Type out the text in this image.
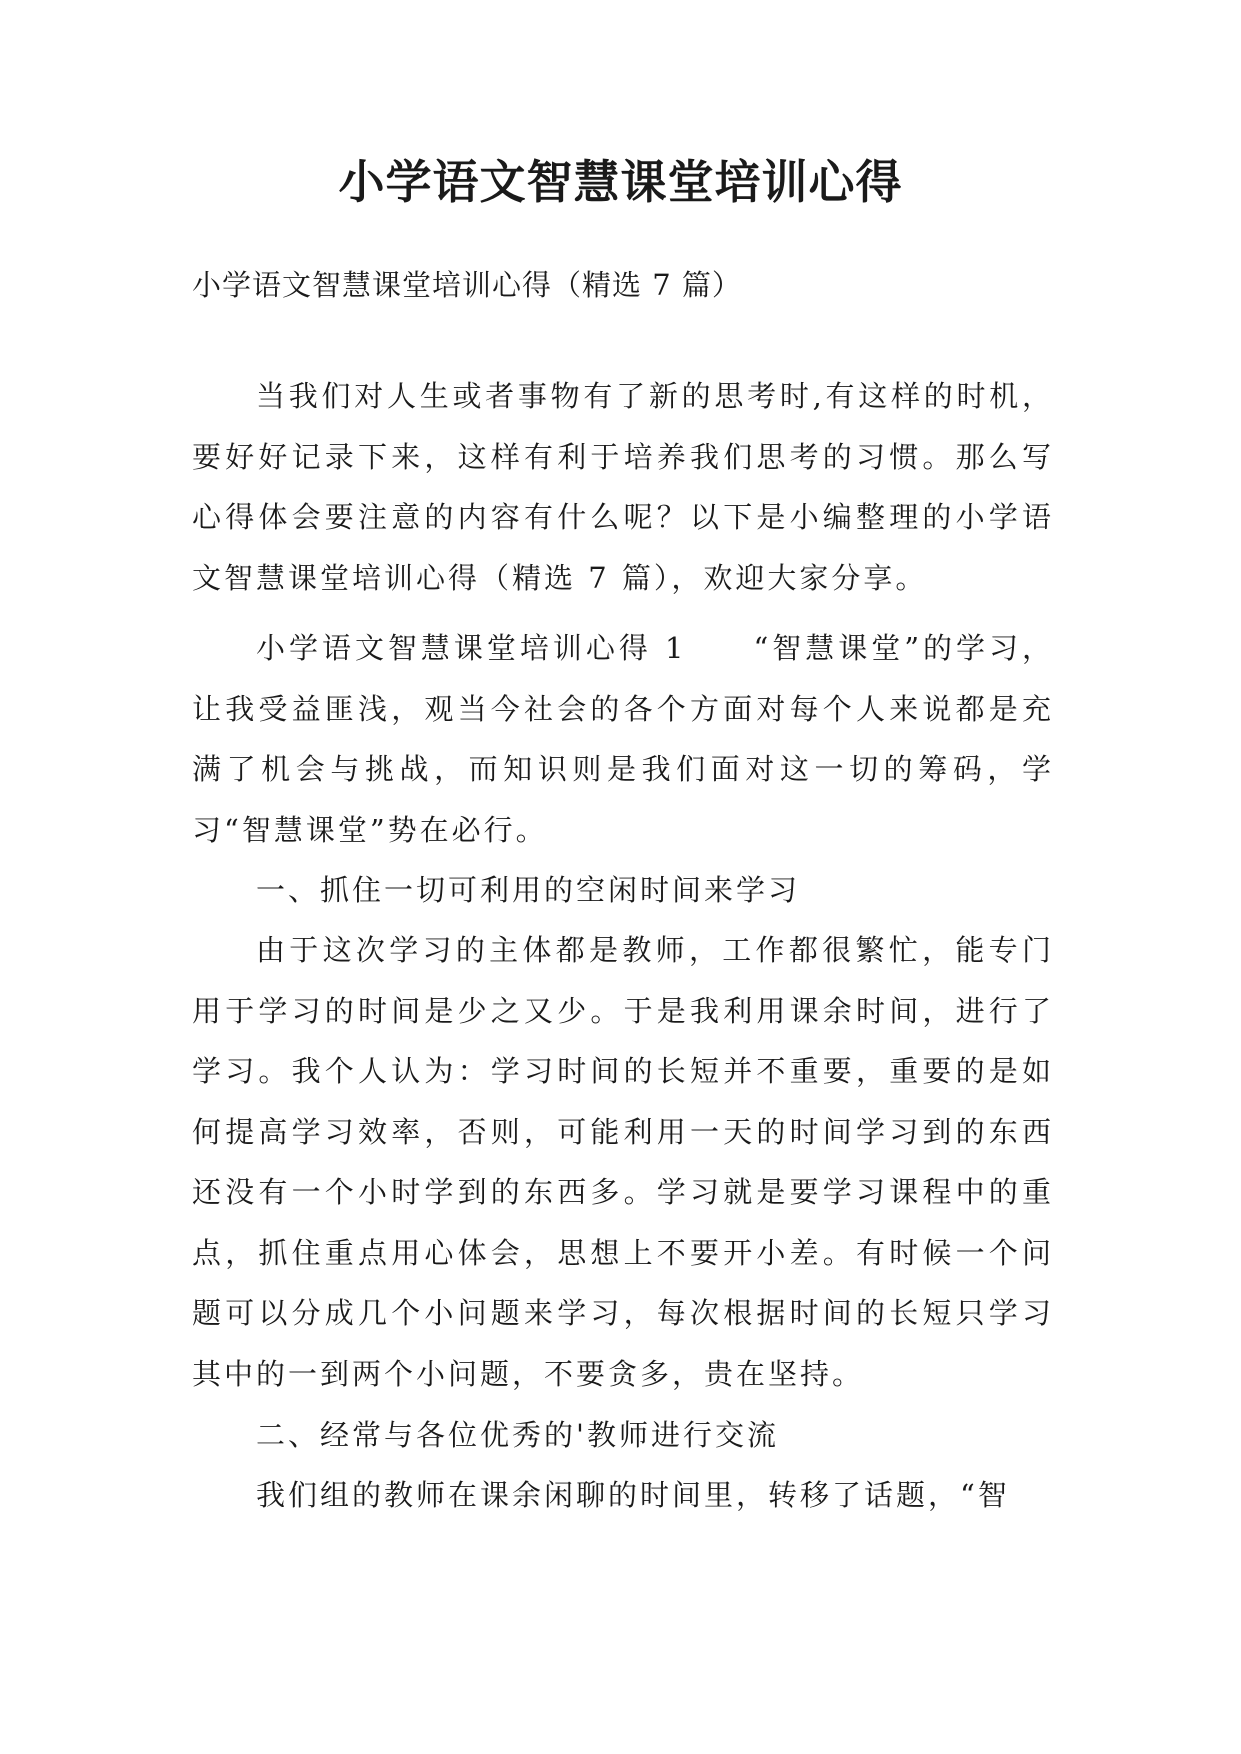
小学语文智慧课堂培训心得
小学语文智慧课堂培训心得（精选 7 篇）

当我们对人生或者事物有了新的思考时,有这样的时机，要好好记录下来，这样有利于培养我们思考的习惯。那么写心得体会要注意的内容有什么呢？以下是小编整理的小学语文智慧课堂培训心得（精选 7 篇），欢迎大家分享。

小学语文智慧课堂培训心得 1　　“智慧课堂”的学习，让我受益匪浅，观当今社会的各个方面对每个人来说都是充满了机会与挑战，而知识则是我们面对这一切的筹码，学习“智慧课堂”势在必行。

一、抓住一切可利用的空闲时间来学习

由于这次学习的主体都是教师，工作都很繁忙，能专门用于学习的时间是少之又少。于是我利用课余时间，进行了学习。我个人认为：学习时间的长短并不重要，重要的是如何提高学习效率，否则，可能利用一天的时间学习到的东西还没有一个小时学到的东西多。学习就是要学习课程中的重点，抓住重点用心体会，思想上不要开小差。有时候一个问题可以分成几个小问题来学习，每次根据时间的长短只学习其中的一到两个小问题，不要贪多，贵在坚持。

二、经常与各位优秀的'教师进行交流

我们组的教师在课余闲聊的时间里，转移了话题，“智
